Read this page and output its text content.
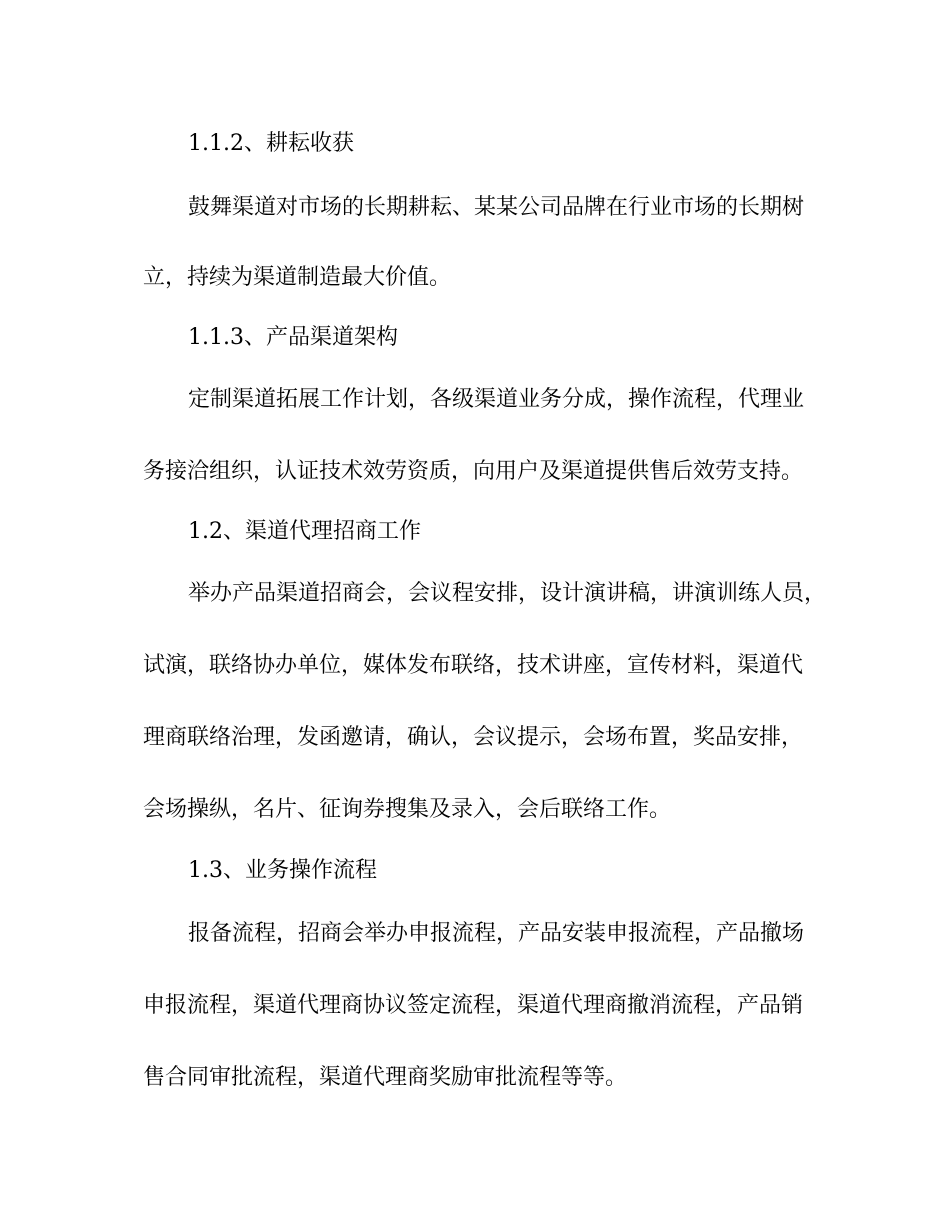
1.1.2、耕耘收获

鼓舞渠道对市场的长期耕耘、某某公司品牌在行业市场的长期树

立，持续为渠道制造最大价值。

1.1.3、产品渠道架构

定制渠道拓展工作计划，各级渠道业务分成，操作流程，代理业

务接洽组织，认证技术效劳资质，向用户及渠道提供售后效劳支持。

1.2、渠道代理招商工作

举办产品渠道招商会，会议程安排，设计演讲稿，讲演训练人员，

试演，联络协办单位，媒体发布联络，技术讲座，宣传材料，渠道代

理商联络治理，发函邀请，确认，会议提示，会场布置，奖品安排，

会场操纵，名片、征询券搜集及录入，会后联络工作。

1.3、业务操作流程

报备流程，招商会举办申报流程，产品安装申报流程，产品撤场

申报流程，渠道代理商协议签定流程，渠道代理商撤消流程，产品销

售合同审批流程，渠道代理商奖励审批流程等等。
